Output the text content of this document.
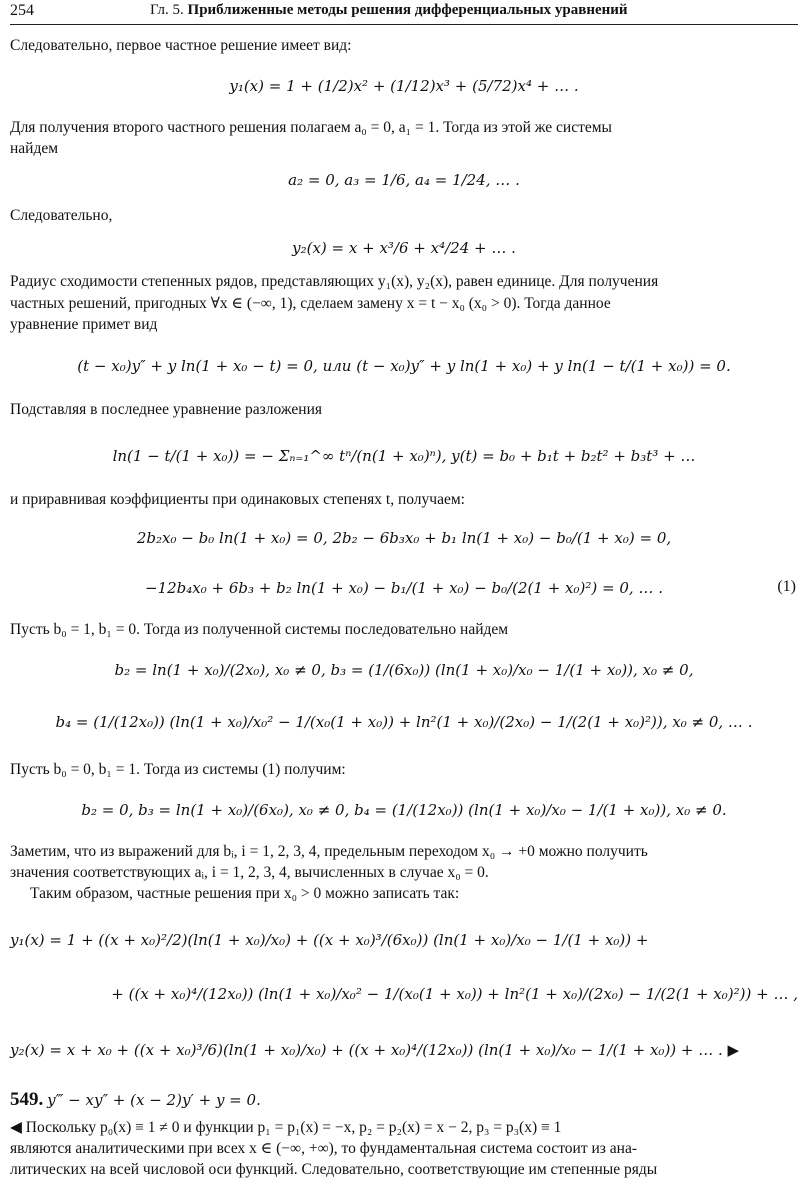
254	Гл. 5. Приближенные методы решения дифференциальных уравнений
Следовательно, первое частное решение имеет вид:
y₁(x) = 1 + (1/2)x² + (1/12)x³ + (5/72)x⁴ + … .
Для получения второго частного решения полагаем a₀ = 0, a₁ = 1. Тогда из этой же системы
найдем
a₂ = 0, a₃ = 1/6, a₄ = 1/24, … .
Следовательно,
y₂(x) = x + x³/6 + x⁴/24 + … .
Радиус сходимости степенных рядов, представляющих y₁(x), y₂(x), равен единице. Для получения
частных решений, пригодных ∀x ∈ (−∞, 1), сделаем замену x = t − x₀ (x₀ > 0). Тогда данное
уравнение примет вид
(t − x₀)y″ + y ln(1 + x₀ − t) = 0, или (t − x₀)y″ + y ln(1 + x₀) + y ln(1 − t/(1 + x₀)) = 0.
Подставляя в последнее уравнение разложения
ln(1 − t/(1 + x₀)) = − Σₙ₌₁^∞ tⁿ/(n(1 + x₀)ⁿ), y(t) = b₀ + b₁t + b₂t² + b₃t³ + …
и приравнивая коэффициенты при одинаковых степенях t, получаем:
2b₂x₀ − b₀ ln(1 + x₀) = 0, 2b₂ − 6b₃x₀ + b₁ ln(1 + x₀) − b₀/(1 + x₀) = 0,
−12b₄x₀ + 6b₃ + b₂ ln(1 + x₀) − b₁/(1 + x₀) − b₀/(2(1 + x₀)²) = 0, … .	(1)
Пусть b₀ = 1, b₁ = 0. Тогда из полученной системы последовательно найдем
b₂ = ln(1 + x₀)/(2x₀), x₀ ≠ 0, b₃ = (1/(6x₀)) (ln(1 + x₀)/x₀ − 1/(1 + x₀)), x₀ ≠ 0,
b₄ = (1/(12x₀)) (ln(1 + x₀)/x₀² − 1/(x₀(1 + x₀)) + ln²(1 + x₀)/(2x₀) − 1/(2(1 + x₀)²)), x₀ ≠ 0, … .
Пусть b₀ = 0, b₁ = 1. Тогда из системы (1) получим:
b₂ = 0, b₃ = ln(1 + x₀)/(6x₀), x₀ ≠ 0, b₄ = (1/(12x₀)) (ln(1 + x₀)/x₀ − 1/(1 + x₀)), x₀ ≠ 0.
Заметим, что из выражений для bᵢ, i = 1, 2, 3, 4, предельным переходом x₀ → +0 можно получить
значения соответствующих aᵢ, i = 1, 2, 3, 4, вычисленных в случае x₀ = 0.
Таким образом, частные решения при x₀ > 0 можно записать так:
y₁(x) = 1 + ((x + x₀)²/2)(ln(1 + x₀)/x₀) + ((x + x₀)³/(6x₀)) (ln(1 + x₀)/x₀ − 1/(1 + x₀)) +
+ ((x + x₀)⁴/(12x₀)) (ln(1 + x₀)/x₀² − 1/(x₀(1 + x₀)) + ln²(1 + x₀)/(2x₀) − 1/(2(1 + x₀)²)) + … ,
y₂(x) = x + x₀ + ((x + x₀)³/6)(ln(1 + x₀)/x₀) + ((x + x₀)⁴/(12x₀)) (ln(1 + x₀)/x₀ − 1/(1 + x₀)) + … . ▶
549. y‴ − xy″ + (x − 2)y′ + y = 0.
◀ Поскольку p₀(x) ≡ 1 ≠ 0 и функции p₁ = p₁(x) = −x, p₂ = p₂(x) = x − 2, p₃ = p₃(x) ≡ 1
являются аналитическими при всех x ∈ (−∞, +∞), то фундаментальная система состоит из ана-
литических на всей числовой оси функций. Следовательно, соответствующие им степенные ряды
